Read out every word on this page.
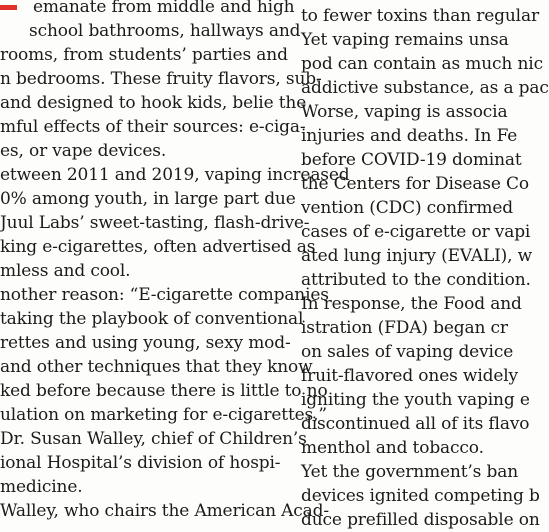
emanate from middle and high
school bathrooms, hallways and
rooms, from students’ parties and
n bedrooms. These fruity flavors, sub-
and designed to hook kids, belie the
mful effects of their sources: e-ciga-
es, or vape devices.
etween 2011 and 2019, vaping increased
0% among youth, in large part due
Juul Labs’ sweet-tasting, flash-drive-
king e-cigarettes, often advertised as
mless and cool.
nother reason: “E-cigarette companies
taking the playbook of conventional
rettes and using young, sexy mod-
and other techniques that they know
ked before because there is little to no
ulation on marketing for e-cigarettes,”
Dr. Susan Walley, chief of Children’s
ional Hospital’s division of hospi-
medicine.
Walley, who chairs the American Acad-
to fewer toxins than regular
Yet vaping remains unsa
pod can contain as much nic
addictive substance, as a pac
Worse, vaping is associa
injuries and deaths. In Fe
before COVID-19 dominat
the Centers for Disease Co
vention (CDC) confirmed
cases of e-cigarette or vapi
ated lung injury (EVALI), w
attributed to the condition.
In response, the Food and
istration (FDA) began cr
on sales of vaping device
fruit-flavored ones widely
igniting the youth vaping e
discontinued all of its flavo
menthol and tobacco.
Yet the government’s ban
devices ignited competing b
duce prefilled disposable on
